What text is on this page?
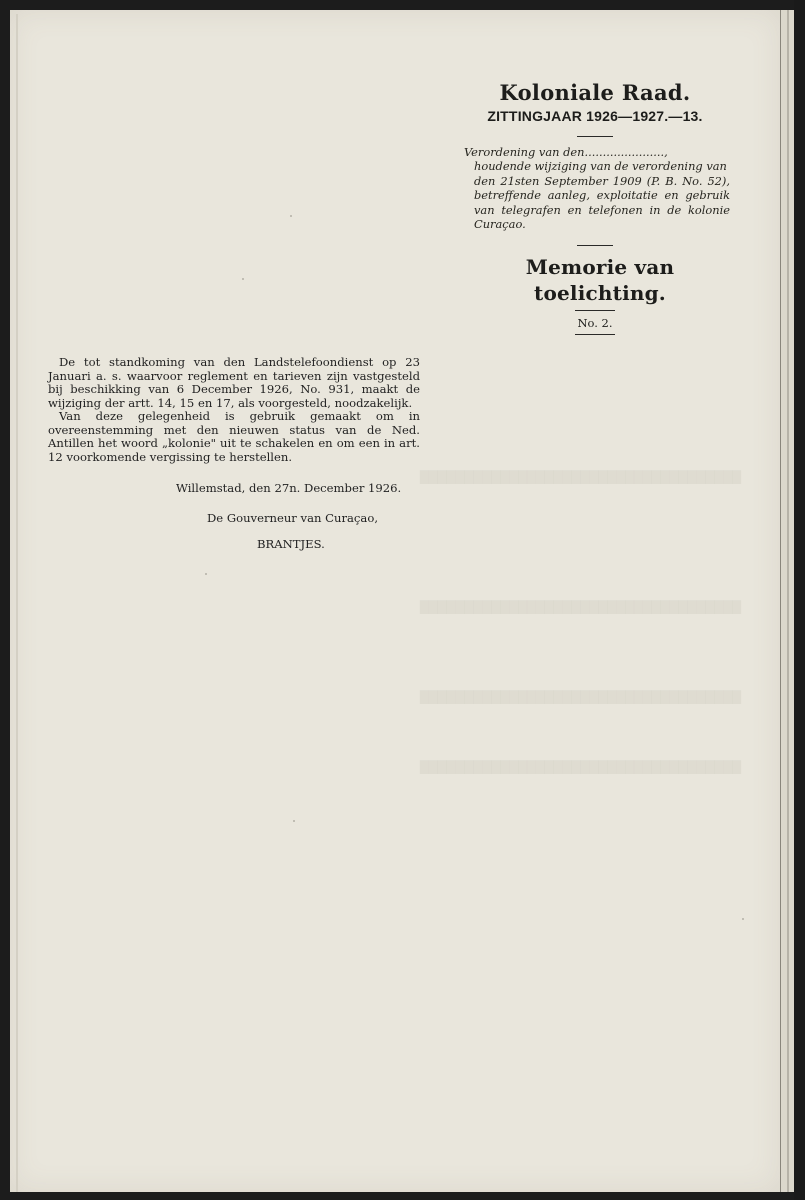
████████████████████████████████████
████████████████████████████████████
████████████████████████████████████
████████████████████████████████████
Koloniale Raad.
ZITTINGJAAR 1926—1927.—13.
Verordening van den......................,
houdende wijziging van de verordening van
den 21sten September 1909 (P. B. No. 52), betreffende aanleg, exploitatie en gebruik van telegrafen en telefonen in de kolonie Curaçao.
Memorie van toelichting.
No. 2.

De tot standkoming van den Landstelefoondienst op 23 Januari a. s. waarvoor reglement en tarieven zijn vastgesteld bij beschikking van 6 December 1926, No. 931, maakt de wijziging der artt. 14, 15 en 17, als voorgesteld, noodzakelijk.

Van deze gelegenheid is gebruik gemaakt om in overeenstemming met den nieuwen status van de Ned. Antillen het woord „kolonie" uit te schakelen en om een in art. 12 voorkomende vergissing te herstellen.

Willemstad, den 27n. December 1926.
De Gouverneur van Curaçao,
BRANTJES.
